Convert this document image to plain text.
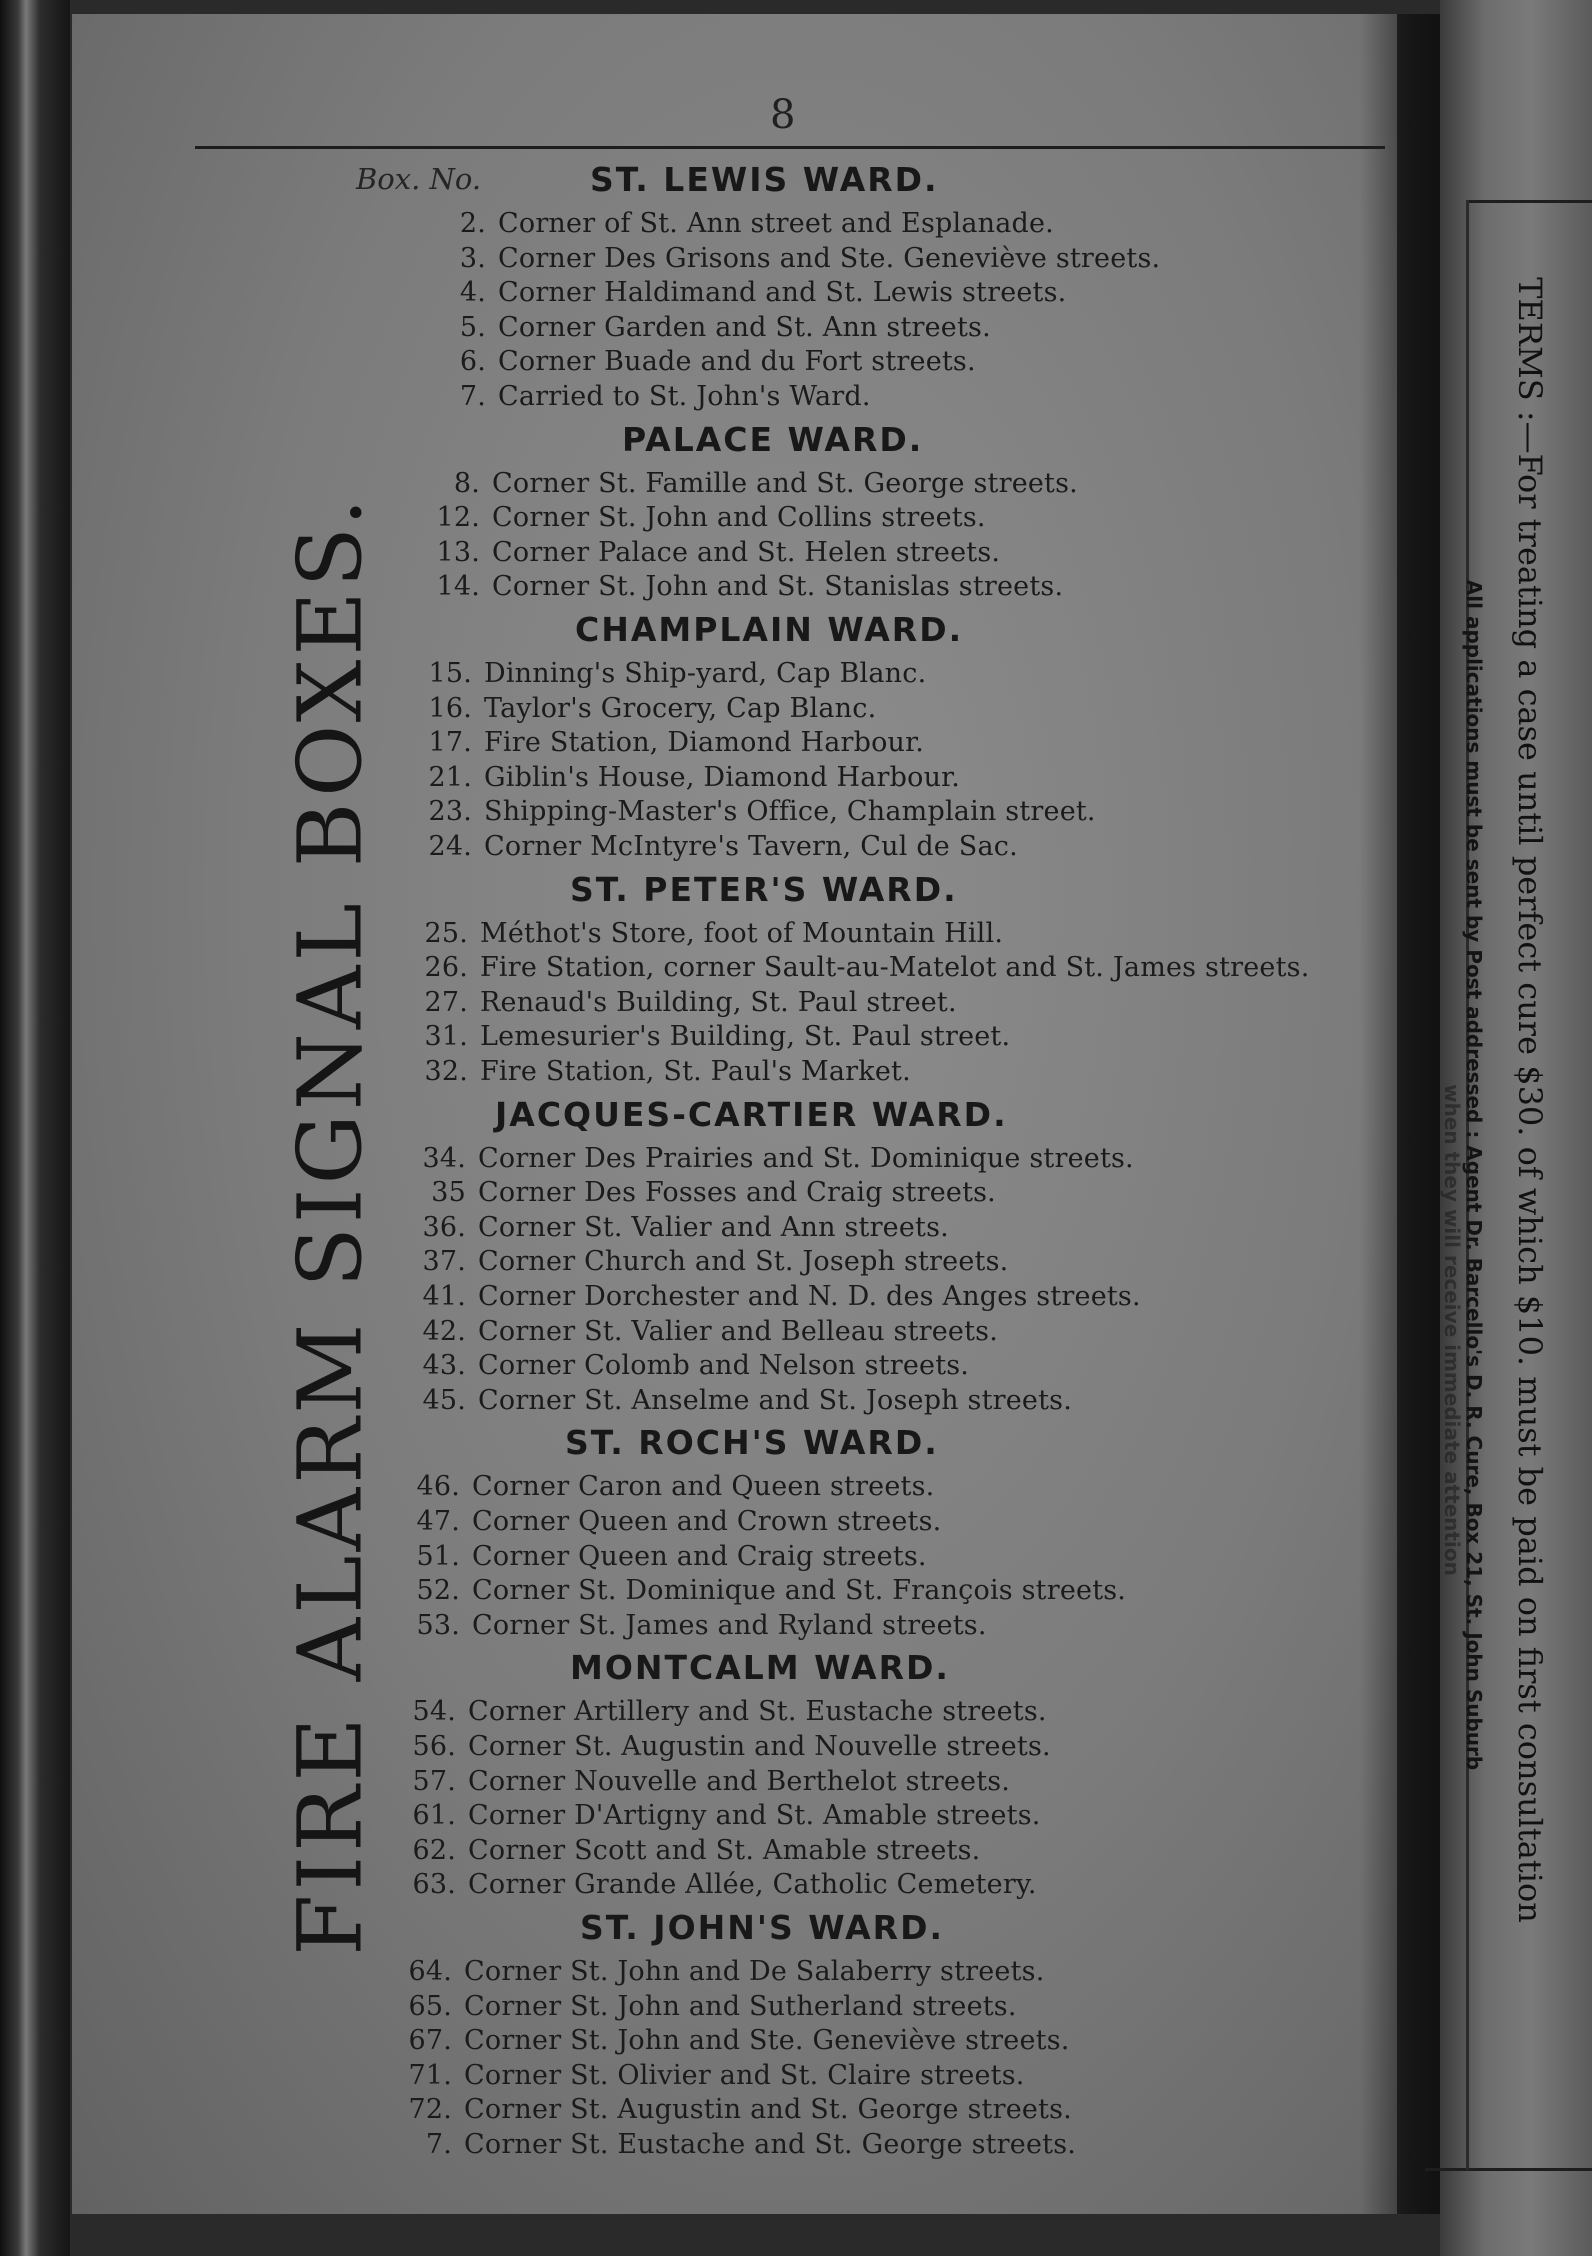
8
Box. No.
FIRE ALARM SIGNAL BOXES.
ST. LEWIS WARD.
2. Corner of St. Ann street and Esplanade.
3. Corner Des Grisons and Ste. Geneviève streets.
4. Corner Haldimand and St. Lewis streets.
5. Corner Garden and St. Ann streets.
6. Corner Buade and du Fort streets.
7. Carried to St. John's Ward.
PALACE WARD.
8. Corner St. Famille and St. George streets.
12. Corner St. John and Collins streets.
13. Corner Palace and St. Helen streets.
14. Corner St. John and St. Stanislas streets.
CHAMPLAIN WARD.
15. Dinning's Ship-yard, Cap Blanc.
16. Taylor's Grocery, Cap Blanc.
17. Fire Station, Diamond Harbour.
21. Giblin's House, Diamond Harbour.
23. Shipping-Master's Office, Champlain street.
24. Corner McIntyre's Tavern, Cul de Sac.
ST. PETER'S WARD.
25. Méthot's Store, foot of Mountain Hill.
26. Fire Station, corner Sault-au-Matelot and St. James streets.
27. Renaud's Building, St. Paul street.
31. Lemesurier's Building, St. Paul street.
32. Fire Station, St. Paul's Market.
JACQUES-CARTIER WARD.
34. Corner Des Prairies and St. Dominique streets.
35 Corner Des Fosses and Craig streets.
36. Corner St. Valier and Ann streets.
37. Corner Church and St. Joseph streets.
41. Corner Dorchester and N. D. des Anges streets.
42. Corner St. Valier and Belleau streets.
43. Corner Colomb and Nelson streets.
45. Corner St. Anselme and St. Joseph streets.
ST. ROCH'S WARD.
46. Corner Caron and Queen streets.
47. Corner Queen and Crown streets.
51. Corner Queen and Craig streets.
52. Corner St. Dominique and St. François streets.
53. Corner St. James and Ryland streets.
MONTCALM WARD.
54. Corner Artillery and St. Eustache streets.
56. Corner St. Augustin and Nouvelle streets.
57. Corner Nouvelle and Berthelot streets.
61. Corner D'Artigny and St. Amable streets.
62. Corner Scott and St. Amable streets.
63. Corner Grande Allée, Catholic Cemetery.
ST. JOHN'S WARD.
64. Corner St. John and De Salaberry streets.
65. Corner St. John and Sutherland streets.
67. Corner St. John and Ste. Geneviève streets.
71. Corner St. Olivier and St. Claire streets.
72. Corner St. Augustin and St. George streets.
7. Corner St. Eustache and St. George streets.
TERMS :—For treating a case until perfect cure $30. of which $10. must be paid on first consultation
All applications must be sent by Post addressed : Agent Dr. Barcello's D. R. Cure, Box 21, St. John Suburb
when they will receive immediate attention
